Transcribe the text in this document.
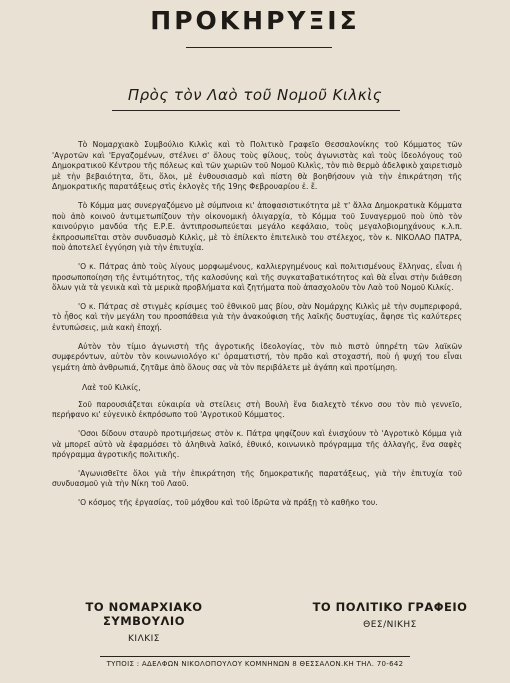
ΠΡΟΚΗΡΥΞΙΣ
Πρὸς τὸν Λαὸ τοῦ Νομοῦ Κιλκὶς

Τὸ Νομαρχιακὸ Συμβούλιο Κιλκὶς καὶ τὸ Πολιτικὸ Γραφεῖο Θεσσαλονίκης τοῦ Κόμματος τῶν 'Αγροτῶν καὶ 'Εργαζομένων, στέλνει σ' ὅλους τοὺς φίλους, τοὺς ἀγωνιστὰς καὶ τοὺς ἰδεολόγους τοῦ Δημοκρατικοῦ Κέντρου τῆς πόλεως καὶ τῶν χωριῶν τοῦ Νομοῦ Κιλκὶς, τὸν πιὸ θερμὸ ἀδελφικὸ χαιρετισμὸ μὲ τὴν βεβαιότητα, ὅτι, ὅλοι, μὲ ἐνθουσιασμὸ καὶ πίστη θὰ βοηθήσουν γιὰ τὴν ἐπικράτηση τῆς Δημοκρατικῆς παρατάξεως στὶς ἐκλογὲς τῆς 19ης Φεβρουαρίου ἐ. ἔ.

Τὸ Κόμμα μας συνεργαζόμενο μὲ σύμπνοια κι' ἀποφασιστικότητα μὲ τ' ἄλλα Δημοκρατικὰ Κόμματα ποὺ ἀπὸ κοινοῦ ἀντιμετωπίζουν τὴν οἰκονομικὴ ὀλιγαρχία, τὸ Κόμμα τοῦ Συναγερμοῦ ποὺ ὑπὸ τὸν καινούργιο μανδύα τῆς Ε.Ρ.Ε. ἀντιπροσωπεύεται μεγάλο κεφάλαιο, τοὺς μεγαλοβιομηχάνους κ.λ.π. ἐκπροσωπεῖται στὸν συνδυασμὸ Κιλκὶς, μὲ τὸ ἐπίλεκτο ἐπιτελικὸ του στέλεχος, τὸν κ. ΝΙΚΟΛΑΟ ΠΑΤΡΑ, ποὺ ἀποτελεῖ ἐγγύηση γιὰ τὴν ἐπιτυχία.

'Ο κ. Πάτρας ἀπὸ τοὺς λίγους μορφωμένους, καλλιεργημένους καὶ πολιτισμένους ἕλληνας, εἶναι ἡ προσωποποίηση τῆς ἐντιμότητος, τῆς καλοσύνης καὶ τῆς συγκαταβατικότητος καὶ θὰ εἶναι στὴν διάθεση ὅλων γιὰ τὰ γενικὰ καὶ τὰ μερικὰ προβλήματα καὶ ζητήματα ποὺ ἀπασχολοῦν τὸν Λαὸ τοῦ Νομοῦ Κιλκίς.

'Ο κ. Πάτρας σὲ στιγμὲς κρίσιμες τοῦ ἐθνικοῦ μας βίου, σὰν Νομάρχης Κιλκὶς μὲ τὴν συμπεριφορά, τὸ ἦθος καὶ τὴν μεγάλη του προσπάθεια γιὰ τὴν ἀνακούφιση τῆς λαϊκῆς δυστυχίας, ἄφησε τὶς καλύτερες ἐντυπώσεις, μιὰ κακὴ ἐποχή.

Αὐτὸν τὸν τίμιο ἀγωνιστὴ τῆς ἀγροτικῆς ἰδεολογίας, τὸν πιὸ πιστὸ ὑπηρέτη τῶν λαϊκῶν συμφερόντων, αὐτὸν τὸν κοινωνιολόγο κι' ὁραματιστή, τὸν πρᾶο καὶ στοχαστή, ποὺ ἡ ψυχή του εἶναι γεμάτη ἀπὸ ἀνθρωπιά, ζητᾶμε ἀπὸ ὅλους σας νὰ τὸν περιβάλετε μὲ ἀγάπη καὶ προτίμηση.

Λαὲ τοῦ Κιλκίς,

Σοῦ παρουσιάζεται εὐκαιρία νὰ στείλεις στὴ Βουλὴ ἕνα διαλεχτὸ τέκνο σου τὸν πιὸ γεννεῖο, περήφανο κι' εὐγενικὸ ἐκπρόσωπο τοῦ 'Αγροτικοῦ Κόμματος.

'Οσοι δίδουν σταυρὸ προτιμήσεως στὸν κ. Πάτρα ψηφίζουν καὶ ἐνισχύουν τὸ 'Αγροτικὸ Κόμμα γιὰ νὰ μπορεῖ αὐτὸ νὰ ἐφαρμόσει τὸ ἀληθινὰ λαϊκό, ἐθνικό, κοινωνικὸ πρόγραμμα τῆς ἀλλαγῆς, ἕνα σαφὲς πρόγραμμα ἀγροτικῆς πολιτικῆς.

'Αγωνισθεῖτε ὅλοι γιὰ τὴν ἐπικράτηση τῆς δημοκρατικῆς παρατάξεως, γιὰ τὴν ἐπιτυχία τοῦ συνδυασμοῦ γιὰ τὴν Νίκη τοῦ Λαοῦ.

'Ο κόσμος τῆς ἐργασίας, τοῦ μόχθου καὶ τοῦ ἱδρῶτα νὰ πράξῃ τὸ καθῆκο του.

ΤΟ ΝΟΜΑΡΧΙΑΚΟ ΣΥΜΒΟΥΛΙΟ
ΚΙΛΚΙΣ
ΤΟ ΠΟΛΙΤΙΚΟ ΓΡΑΦΕΙΟ
ΘΕΣ/ΝΙΚΗΣ
ΤΥΠΟΙΣ : ΑΔΕΛΦΩΝ ΝΙΚΟΛΟΠΟΥΛΟΥ ΚΟΜΝΗΝΩΝ 8 ΘΕΣΣΑΛΟΝ.ΚΗ ΤΗΛ. 70-642
